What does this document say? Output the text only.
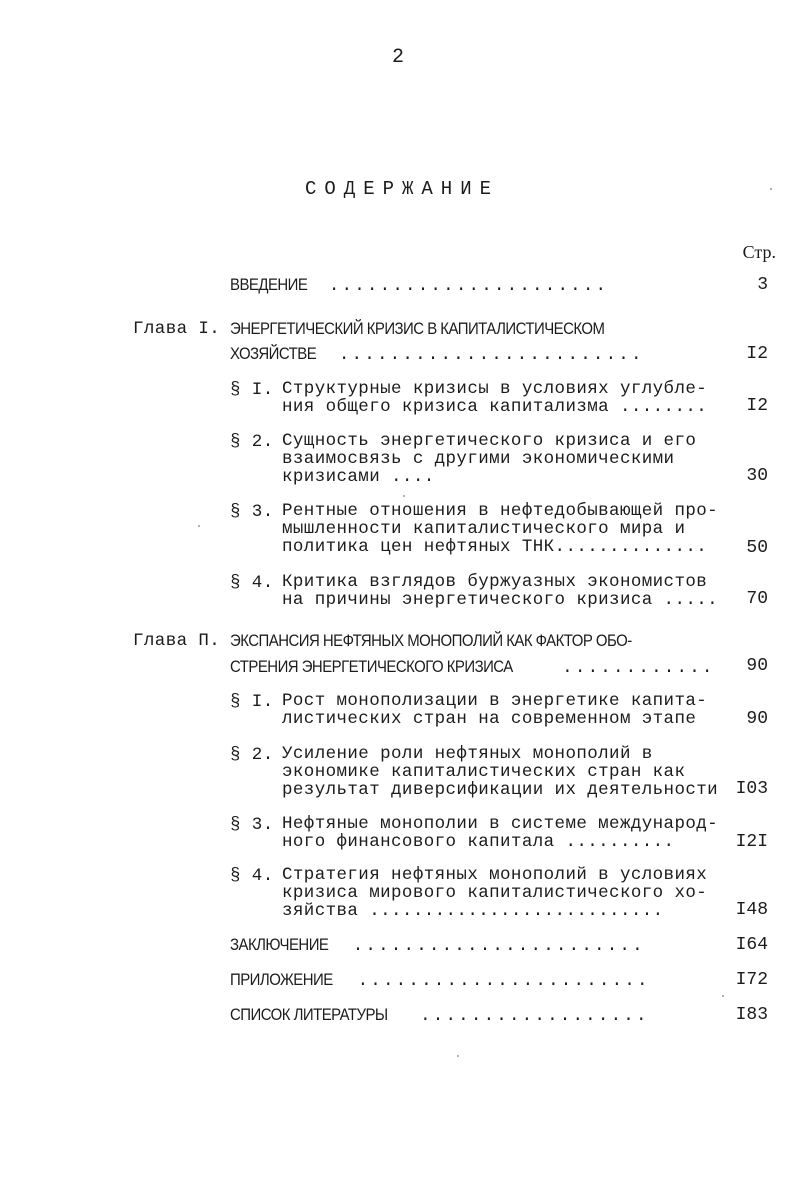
2
СОДЕРЖАНИЕ
Стр.
ВВЕДЕНИЕ ......................	3
Глава I. ЭНЕРГЕТИЧЕСКИЙ КРИЗИС В КАПИТАЛИСТИЧЕСКОМ
ХОЗЯЙСТВЕ ........................	I2
§ I. Структурные кризисы в условиях углубле-
ния общего кризиса капитализма ........ I2
§ 2. Сущность энергетического кризиса и его
взаимосвязь с другими экономическими
кризисами ....	30
§ 3. Рентные отношения в нефтедобывающей про-
мышленности капиталистического мира и
политика цен нефтяных ТНК.............. 50
§ 4. Критика взглядов буржуазных экономистов
на причины энергетического кризиса ..... 70
Глава П. ЭКСПАНСИЯ НЕФТЯНЫХ МОНОПОЛИЙ КАК ФАКТОР ОБО-
СТРЕНИЯ ЭНЕРГЕТИЧЕСКОГО КРИЗИСА	............ 90
§ I. Рост монополизации в энергетике капита-
листических стран на современном этапе	90
§ 2. Усиление роли нефтяных монополий в
экономике капиталистических стран как
результат диверсификации их деятельности I03
§ 3. Нефтяные монополии в системе международ-
ного финансового капитала ..........	I2I
§ 4. Стратегия нефтяных монополий в условиях
кризиса мирового капиталистического хо-
зяйства ...........................	I48
ЗАКЛЮЧЕНИЕ .......................	I64
ПРИЛОЖЕНИЕ .......................	I72
СПИСОК ЛИТЕРАТУРЫ ..................	I83
